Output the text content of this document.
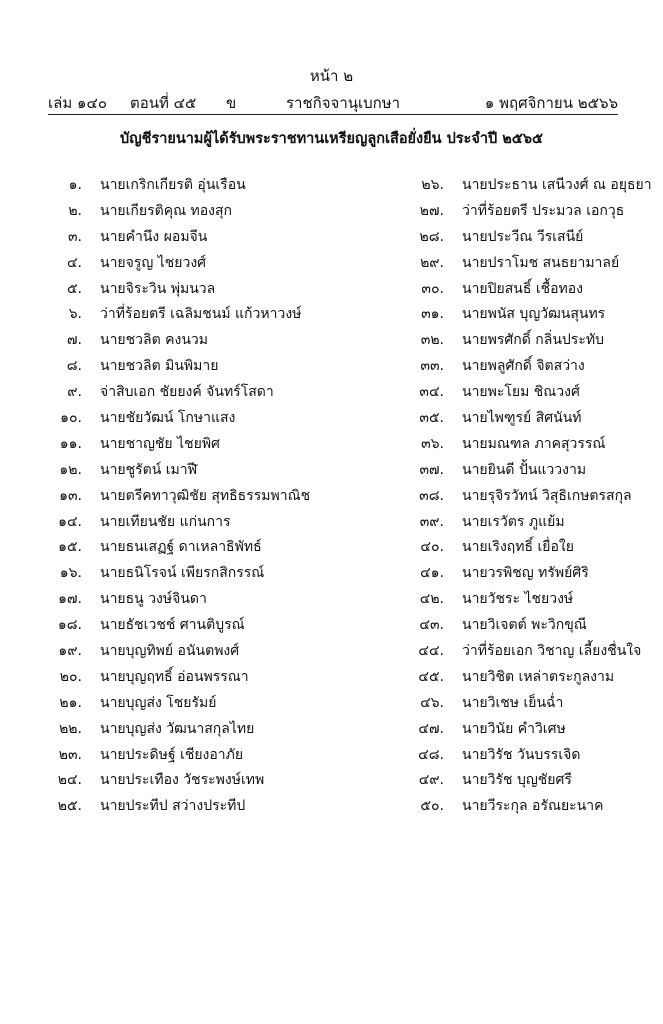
หน้า ๒
เล่ม ๑๔๐ ตอนที่ ๔๕ ข	ราชกิจจานุเบกษา	๑ พฤศจิกายน ๒๕๖๖
บัญชีรายนามผู้ได้รับพระราชทานเหรียญลูกเสือยั่งยืน ประจำปี ๒๕๖๕
๑. นายเกริกเกียรติ อุ่นเรือน
๒. นายเกียรติคุณ ทองสุก
๓. นายคำนึง ผอมจีน
๔. นายจรูญ ไชยวงศ์
๕. นายจิระวิน พุ่มนวล
๖. ว่าที่ร้อยตรี เฉลิมชนม์ แก้วหาวงษ์
๗. นายชวลิต คงนวม
๘. นายชวลิต มินพิมาย
๙. จ่าสิบเอก ชัยยงค์ จันทร์โสดา
๑๐. นายชัยวัฒน์ โกษาแสง
๑๑. นายชาญชัย ไชยพิศ
๑๒. นายชูรัตน์ เมาฬี
๑๓. นายตรีคทาวุฒิชัย สุทธิธรรมพาณิช
๑๔. นายเทียนชัย แก่นการ
๑๕. นายธนเสฏฐ์ ดาเหลาธิพัทธ์
๑๖. นายธนิโรจน์ เพียรกสิกรรณ์
๑๗. นายธนู วงษ์จินดา
๑๘. นายธัชเวชช์ ศานติบูรณ์
๑๙. นายบุญทิพย์ อนันตพงศ์
๒๐. นายบุญฤทธิ์ อ่อนพรรณา
๒๑. นายบุญส่ง โชยรัมย์
๒๒. นายบุญส่ง วัฒนาสกุลไทย
๒๓. นายประดิษฐ์ เชียงอาภัย
๒๔. นายประเทือง วัชระพงษ์เทพ
๒๕. นายประทีป สว่างประทีป
๒๖. นายประธาน เสนีวงศ์ ณ อยุธยา
๒๗. ว่าที่ร้อยตรี ประมวล เอกวุธ
๒๘. นายประวีณ วีรเสนีย์
๒๙. นายปราโมช สนธยามาลย์
๓๐. นายปิยสนธิ์ เชื้อทอง
๓๑. นายพนัส บุญวัฒนสุนทร
๓๒. นายพรศักดิ์ กลิ่นประทับ
๓๓. นายพลูศักดิ์ จิตสว่าง
๓๔. นายพะโยม ชิณวงศ์
๓๕. นายไพฑูรย์ สิศนันท์
๓๖. นายมณฑล ภาคสุวรรณ์
๓๗. นายยินดี ปั้นแววงาม
๓๘. นายรุจิรวัทน์ วิสุธิเกษตรสกุล
๓๙. นายเรวัตร ภูแย้ม
๔๐. นายเริงฤทธิ์ เยื่อใย
๔๑. นายวรพิชญ ทรัพย์ศิริ
๔๒. นายวัชระ ไชยวงษ์
๔๓. นายวิเจตต์ พะวิกขุณี
๔๔. ว่าที่ร้อยเอก วิชาญ เลี้ยงชื่นใจ
๔๕. นายวิชิต เหล่าตระกูลงาม
๔๖. นายวิเชษ เย็นฉ่ำ
๔๗. นายวินัย คำวิเศษ
๔๘. นายวิรัช วันบรรเจิด
๔๙. นายวิรัช บุญชัยศรี
๕๐. นายวีระกุล อรัณยะนาค
